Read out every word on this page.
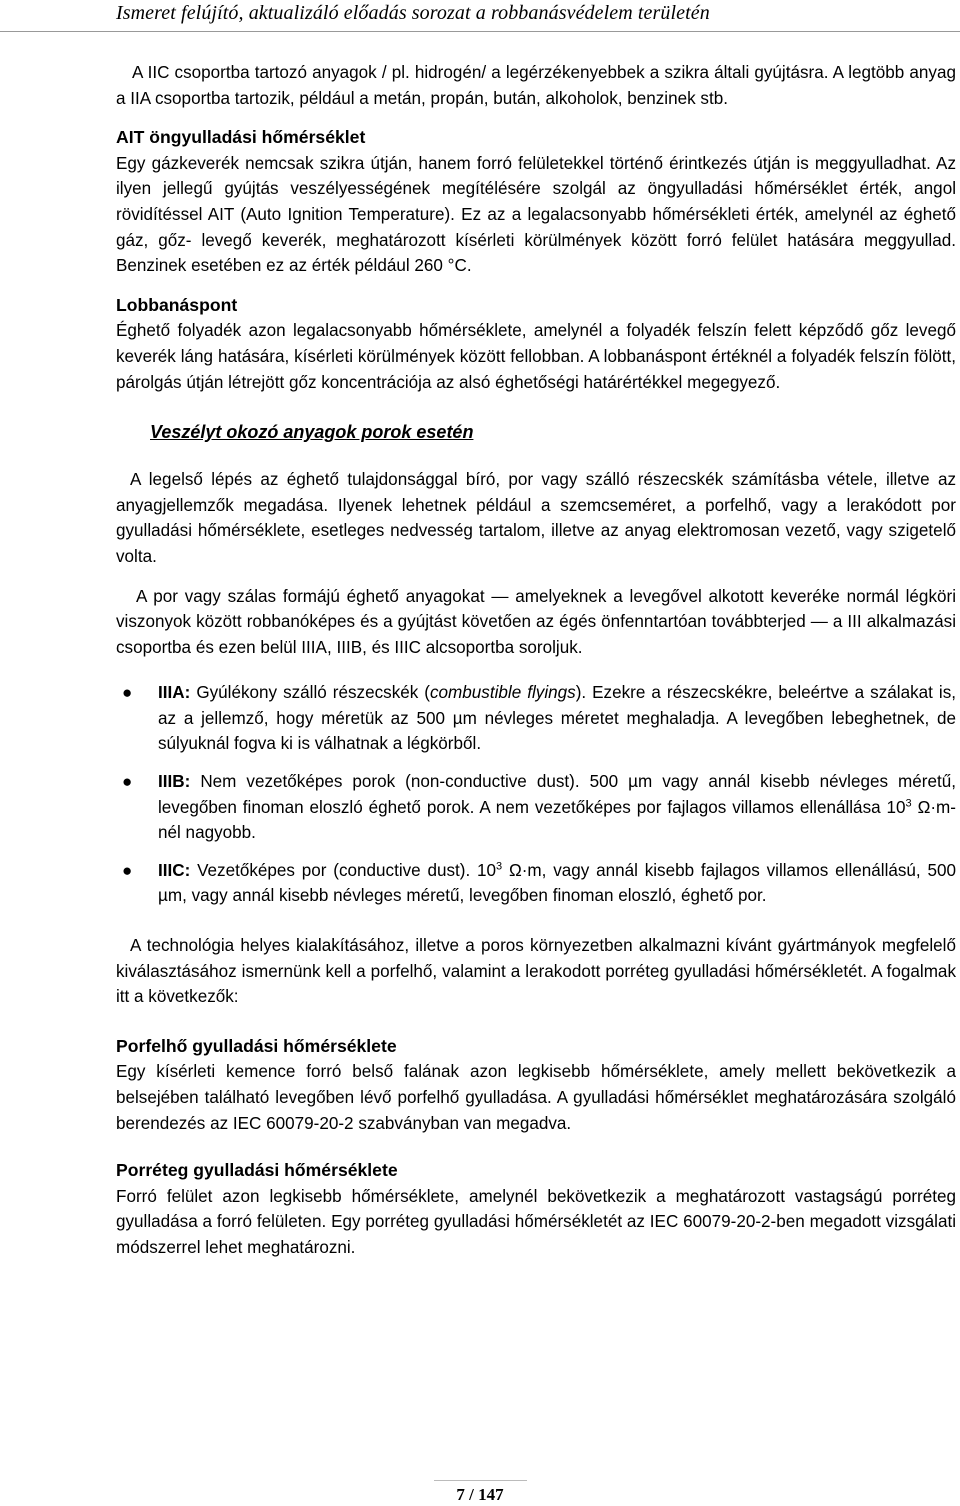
Ismeret felújító, aktualizáló előadás sorozat a robbanásvédelem területén

A IIC csoportba tartozó anyagok / pl. hidrogén/ a legérzékenyebbek a szikra általi gyújtásra. A legtöbb anyag a IIA csoportba tartozik, például a metán, propán, bután, alkoholok, benzinek stb.

AIT öngyulladási hőmérséklet

Egy gázkeverék nemcsak szikra útján, hanem forró felületekkel történő érintkezés útján is meggyulladhat. Az ilyen jellegű gyújtás veszélyességének megítélésére szolgál az öngyulladási hőmérséklet érték, angol rövidítéssel AIT (Auto Ignition Temperature). Ez az a legalacsonyabb hőmérsékleti érték, amelynél az éghető gáz, gőz- levegő keverék, meghatározott kísérleti körülmények között forró felület hatására meggyullad. Benzinek esetében ez az érték például 260 °C.

Lobbanáspont

Éghető folyadék azon legalacsonyabb hőmérséklete, amelynél a folyadék felszín felett képződő gőz levegő keverék láng hatására, kísérleti körülmények között fellobban. A lobbanáspont értéknél a folyadék felszín fölött, párolgás útján létrejött gőz koncentrációja az alsó éghetőségi határértékkel megegyező.

Veszélyt okozó anyagok porok esetén

A legelső lépés az éghető tulajdonsággal bíró, por vagy szálló részecskék számításba vétele, illetve az anyagjellemzők megadása. Ilyenek lehetnek például a szemcseméret, a porfelhő, vagy a lerakódott por gyulladási hőmérséklete, esetleges nedvesség tartalom, illetve az anyag elektromosan vezető, vagy szigetelő volta.

A por vagy szálas formájú éghető anyagokat — amelyeknek a levegővel alkotott keveréke normál légköri viszonyok között robbanóképes és a gyújtást követően az égés önfenntartóan továbbterjed — a III alkalmazási csoportba és ezen belül IIIA, IIIB, és IIIC alcsoportba soroljuk.

● IIIA: Gyúlékony szálló részecskék (combustible flyings). Ezekre a részecskékre, beleértve a szálakat is, az a jellemző, hogy méretük az 500 µm névleges méretet meghaladja. A levegőben lebeghetnek, de súlyuknál fogva ki is válhatnak a légkörből.
● IIIB: Nem vezetőképes porok (non-conductive dust). 500 µm vagy annál kisebb névleges méretű, levegőben finoman eloszló éghető porok. A nem vezetőképes por fajlagos villamos ellenállása $10^3$ Ω·m-nél nagyobb.
● IIIC: Vezetőképes por (conductive dust). $10^3$ Ω·m, vagy annál kisebb fajlagos villamos ellenállású, 500 µm, vagy annál kisebb névleges méretű, levegőben finoman eloszló, éghető por.

A technológia helyes kialakításához, illetve a poros környezetben alkalmazni kívánt gyártmányok megfelelő kiválasztásához ismernünk kell a porfelhő, valamint a lerakodott porréteg gyulladási hőmérsékletét. A fogalmak itt a következők:

Porfelhő gyulladási hőmérséklete

Egy kísérleti kemence forró belső falának azon legkisebb hőmérséklete, amely mellett bekövetkezik a belsejében található levegőben lévő porfelhő gyulladása. A gyulladási hőmérséklet meghatározására szolgáló berendezés az IEC 60079-20-2 szabványban van megadva.

Porréteg gyulladási hőmérséklete

Forró felület azon legkisebb hőmérséklete, amelynél bekövetkezik a meghatározott vastagságú porréteg gyulladása a forró felületen. Egy porréteg gyulladási hőmérsékletét az IEC 60079-20-2-ben megadott vizsgálati módszerrel lehet meghatározni.

7 / 147
